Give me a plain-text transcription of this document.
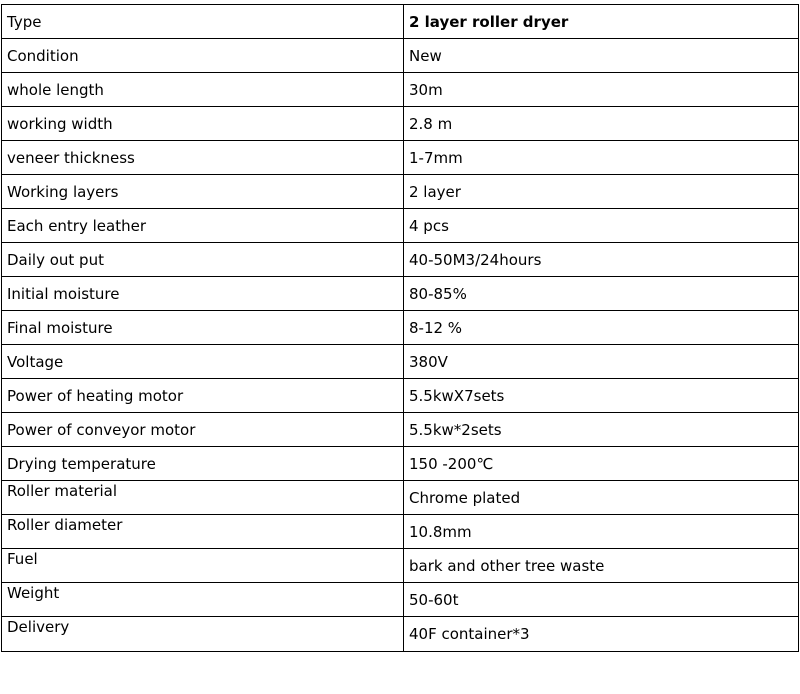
Type	2 layer roller dryer
Condition	New
whole length	30m
working width	2.8 m
veneer thickness	1-7mm
Working layers	2 layer
Each entry leather	4 pcs
Daily out put	40-50M3/24hours
Initial moisture	80-85%
Final moisture	8-12 %
Voltage	380V
Power of heating motor	5.5kwX7sets
Power of conveyor motor	5.5kw*2sets
Drying temperature	150 -200℃
Roller material	Chrome plated
Roller diameter	10.8mm
Fuel	bark and other tree waste
Weight	50-60t
Delivery	40F container*3
